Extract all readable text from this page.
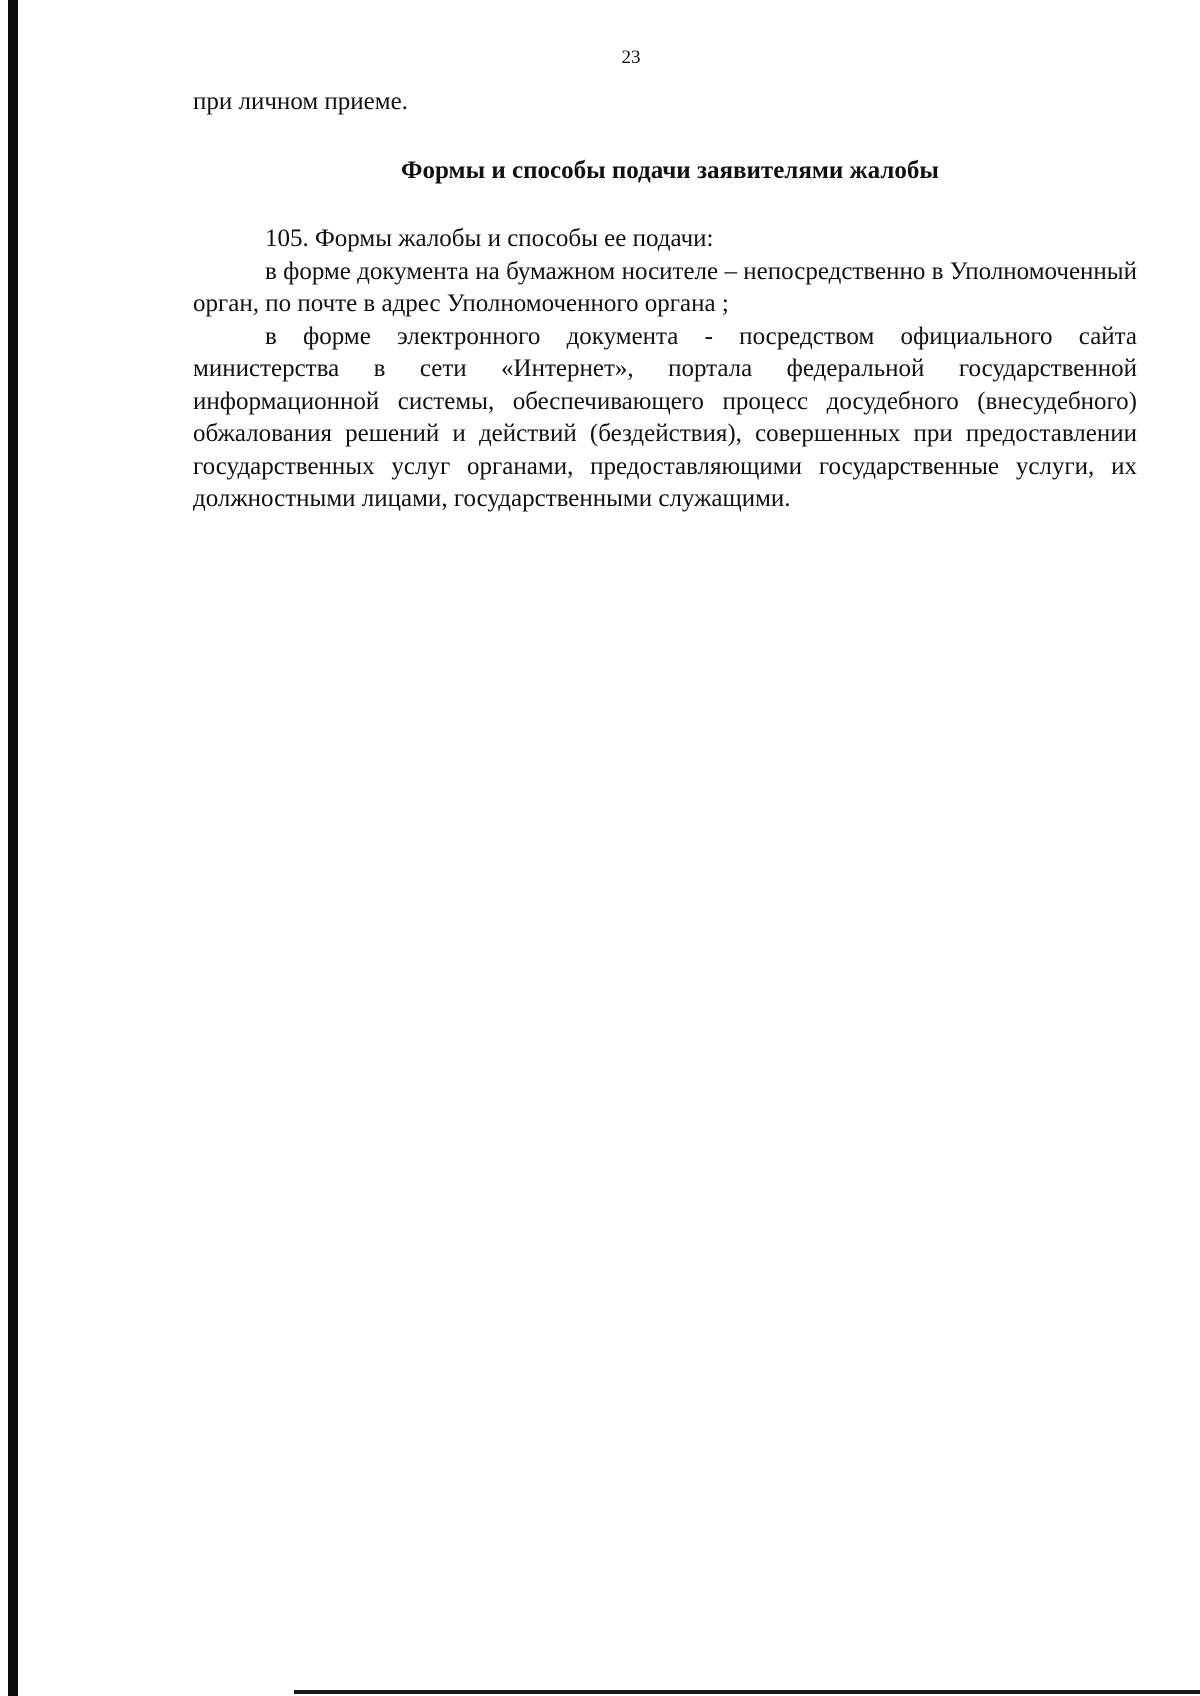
23

при личном приеме.

Формы и способы подачи заявителями жалобы

105. Формы жалобы и способы ее подачи:

в форме документа на бумажном носителе – непосредственно в Уполномоченный орган, по почте в адрес Уполномоченного органа ;

в форме электронного документа - посредством официального сайта министерства в сети «Интернет», портала федеральной государственной информационной системы, обеспечивающего процесс досудебного (внесудебного) обжалования решений и действий (бездействия), совершенных при предоставлении государственных услуг органами, предоставляющими государственные услуги, их должностными лицами, государственными служащими.
